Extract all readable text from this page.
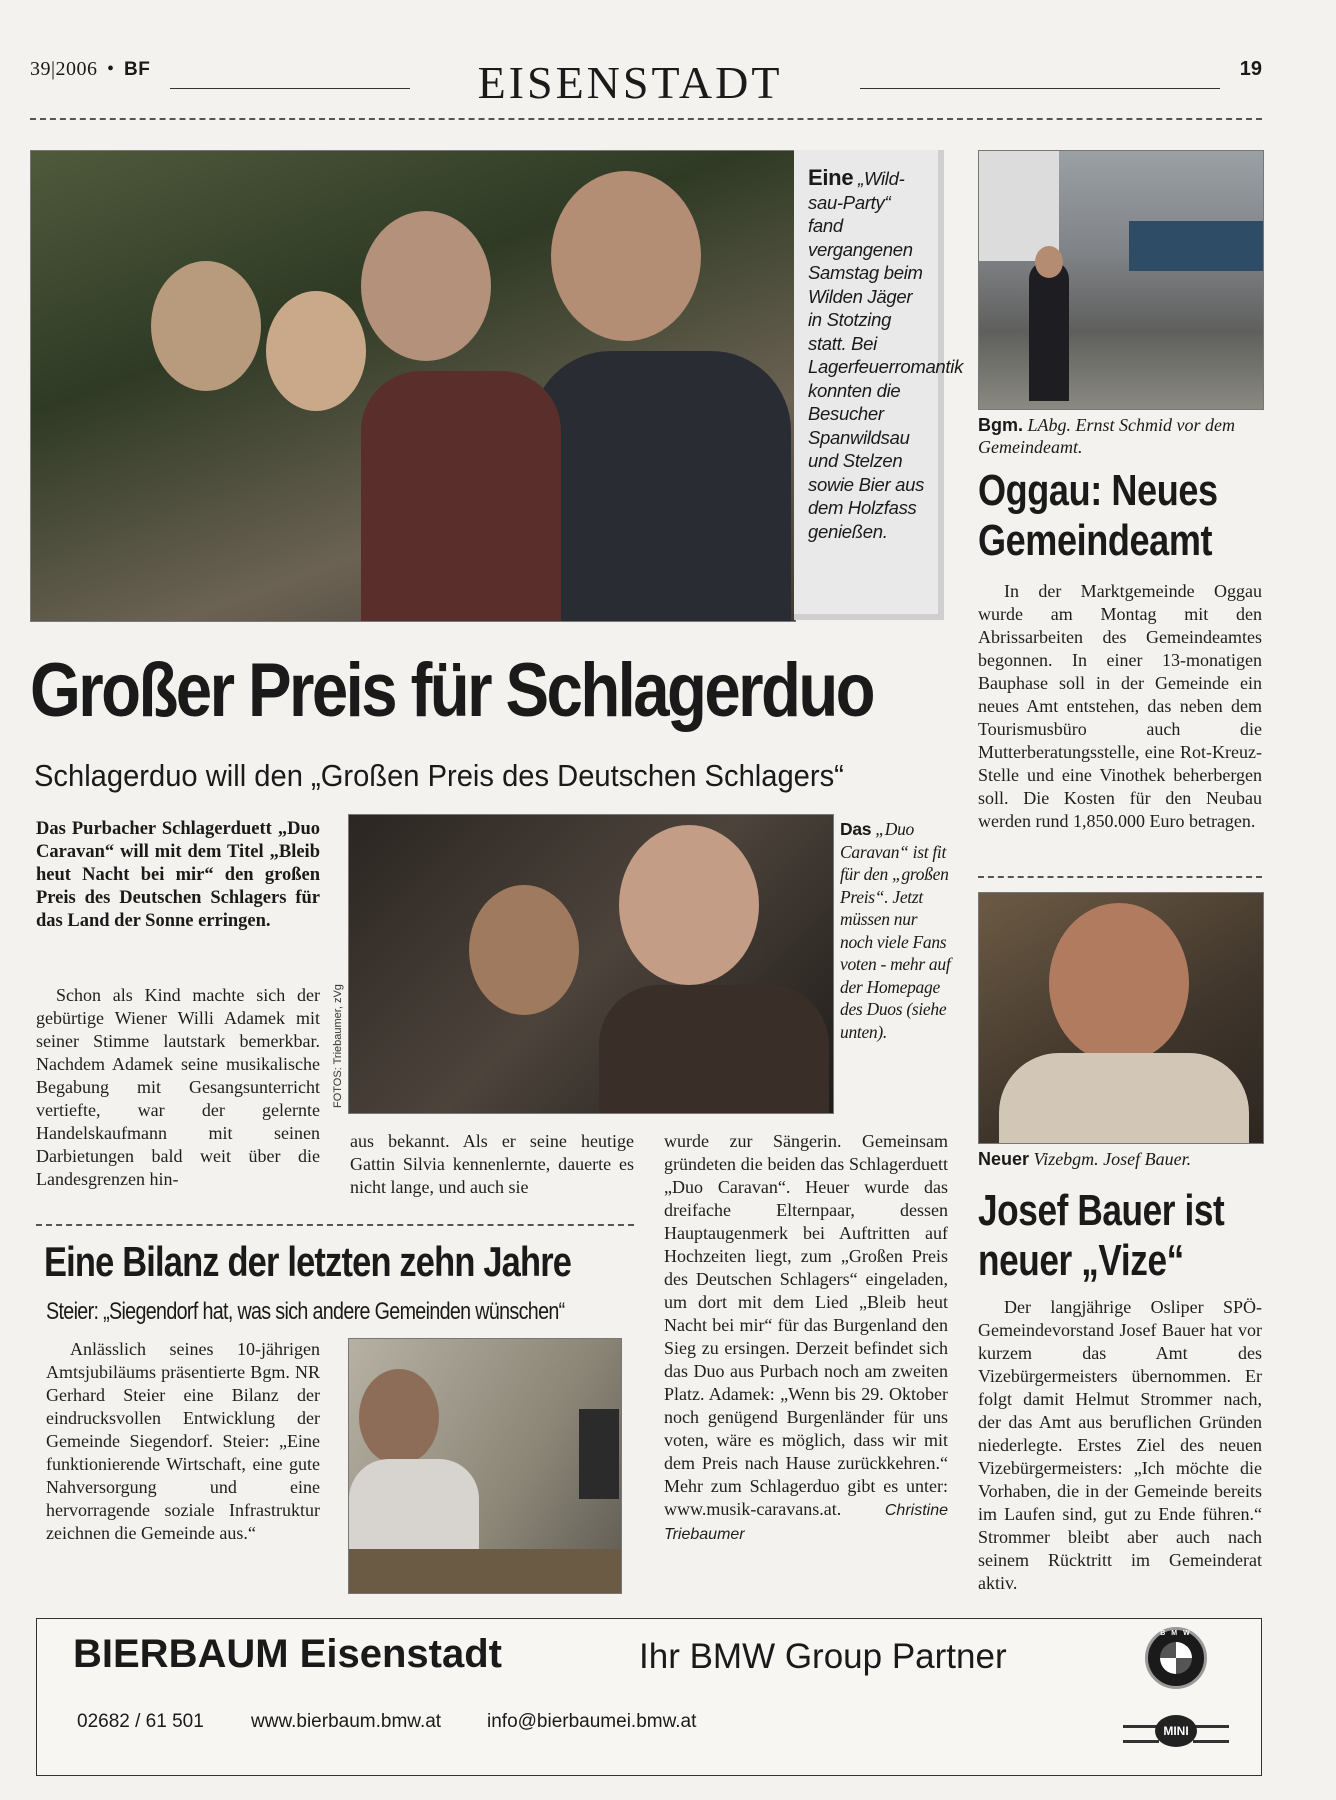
39|2006 • BF	EISENSTADT	19
Eine „Wild-sau-Party“ fand vergangenen Samstag beim Wilden Jäger in Stotzing statt. Bei Lagerfeuerromantik konnten die Besucher Spanwildsau und Stelzen sowie Bier aus dem Holzfass genießen.
Großer Preis für Schlagerduo
Schlagerduo will den „Großen Preis des Deutschen Schlagers“
Das Purbacher Schlagerduett „Duo Caravan“ will mit dem Titel „Bleib heut Nacht bei mir“ den großen Preis des Deutschen Schlagers für das Land der Sonne erringen.
Schon als Kind machte sich der gebürtige Wiener Willi Adamek mit seiner Stimme lautstark bemerkbar. Nachdem Adamek seine musikalische Begabung mit Gesangsunterricht vertiefte, war der gelernte Handelskaufmann mit seinen Darbietungen bald weit über die Landesgrenzen hin-
FOTOS: Triebaumer, zVg
Das „Duo Caravan“ ist fit für den „großen Preis“. Jetzt müssen nur noch viele Fans voten - mehr auf der Homepage des Duos (siehe unten).
aus bekannt. Als er seine heutige Gattin Silvia kennenlernte, dauerte es nicht lange, und auch sie
wurde zur Sängerin. Gemeinsam gründeten die beiden das Schlagerduett „Duo Caravan“. Heuer wurde das dreifache Elternpaar, dessen Hauptaugenmerk bei Auftritten auf Hochzeiten liegt, zum „Großen Preis des Deutschen Schlagers“ eingeladen, um dort mit dem Lied „Bleib heut Nacht bei mir“ für das Burgenland den Sieg zu ersingen. Derzeit befindet sich das Duo aus Purbach noch am zweiten Platz. Adamek: „Wenn bis 29. Oktober noch genügend Burgenländer für uns voten, wäre es möglich, dass wir mit dem Preis nach Hause zurückkehren.“ Mehr zum Schlagerduo gibt es unter: www.musik-caravans.at.	Christine Triebaumer
Eine Bilanz der letzten zehn Jahre
Steier: „Siegendorf hat, was sich andere Gemeinden wünschen“
Anlässlich seines 10-jährigen Amtsjubiläums präsentierte Bgm. NR Gerhard Steier eine Bilanz der eindrucksvollen Entwicklung der Gemeinde Siegendorf. Steier: „Eine funktionierende Wirtschaft, eine gute Nahversorgung und eine hervorragende soziale Infrastruktur zeichnen die Gemeinde aus.“
Bgm. LAbg. Ernst Schmid vor dem Gemeindeamt.
Oggau: Neues
Gemeindeamt
In der Marktgemeinde Oggau wurde am Montag mit den Abrissarbeiten des Gemeindeamtes begonnen. In einer 13-monatigen Bauphase soll in der Gemeinde ein neues Amt entstehen, das neben dem Tourismusbüro auch die Mutterberatungsstelle, eine Rot-Kreuz-Stelle und eine Vinothek beherbergen soll. Die Kosten für den Neubau werden rund 1,850.000 Euro betragen.
Neuer Vizebgm. Josef Bauer.
Josef Bauer ist
neuer „Vize“
Der langjährige Osliper SPÖ-Gemeindevorstand Josef Bauer hat vor kurzem das Amt des Vizebürgermeisters übernommen. Er folgt damit Helmut Strommer nach, der das Amt aus beruflichen Gründen niederlegte. Erstes Ziel des neuen Vizebürgermeisters: „Ich möchte die Vorhaben, die in der Gemeinde bereits im Laufen sind, gut zu Ende führen.“ Strommer bleibt aber auch nach seinem Rücktritt im Gemeinderat aktiv.
BIERBAUM Eisenstadt	Ihr BMW Group Partner
02682 / 61 501 www.bierbaum.bmw.at info@bierbaumei.bmw.at
B M W
MINI
